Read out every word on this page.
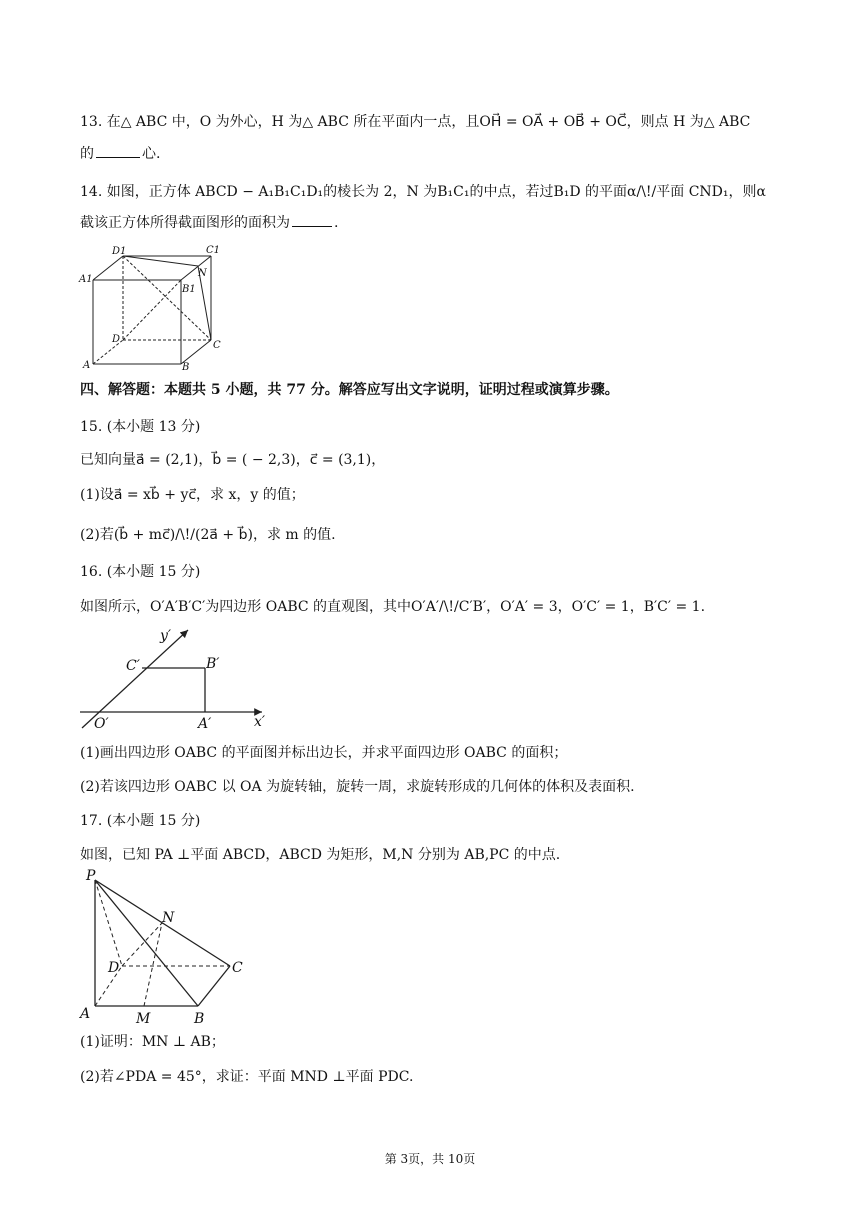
13. 在△ ABC 中，O 为外心，H 为△ ABC 所在平面内一点，且OH⃗ = OA⃗ + OB⃗ + OC⃗，则点 H 为△ ABC
的	心.
14. 如图，正方体 ABCD − A₁B₁C₁D₁的棱长为 2，N 为B₁C₁的中点，若过B₁D 的平面α/\!/平面 CND₁，则α
截该正方体所得截面图形的面积为	.
D1	C1
N
A1
B1
D
C
A	B
四、解答题：本题共 5 小题，共 77 分。解答应写出文字说明，证明过程或演算步骤。
15. (本小题 13 分)
已知向量a⃗ = (2,1)，b⃗ = ( − 2,3)，c⃗ = (3,1)，
(1)设a⃗ = xb⃗ + yc⃗，求 x，y 的值；
(2)若(b⃗ + mc⃗)/\!/(2a⃗ + b⃗)，求 m 的值.
16. (本小题 15 分)
如图所示，O′A′B′C′为四边形 OABC 的直观图，其中O′A′/\!/C′B′，O′A′ = 3，O′C′ = 1，B′C′ = 1.
y′
C′	B′
O′	A′	x′
(1)画出四边形 OABC 的平面图并标出边长，并求平面四边形 OABC 的面积；
(2)若该四边形 OABC 以 OA 为旋转轴，旋转一周，求旋转形成的几何体的体积及表面积.
17. (本小题 15 分)
如图，已知 PA ⊥平面 ABCD，ABCD 为矩形，M,N 分别为 AB,PC 的中点.
P
N
D	C
A	M	B
(1)证明：MN ⊥ AB；
(2)若∠PDA = 45°，求证：平面 MND ⊥平面 PDC.
第 3页，共 10页
